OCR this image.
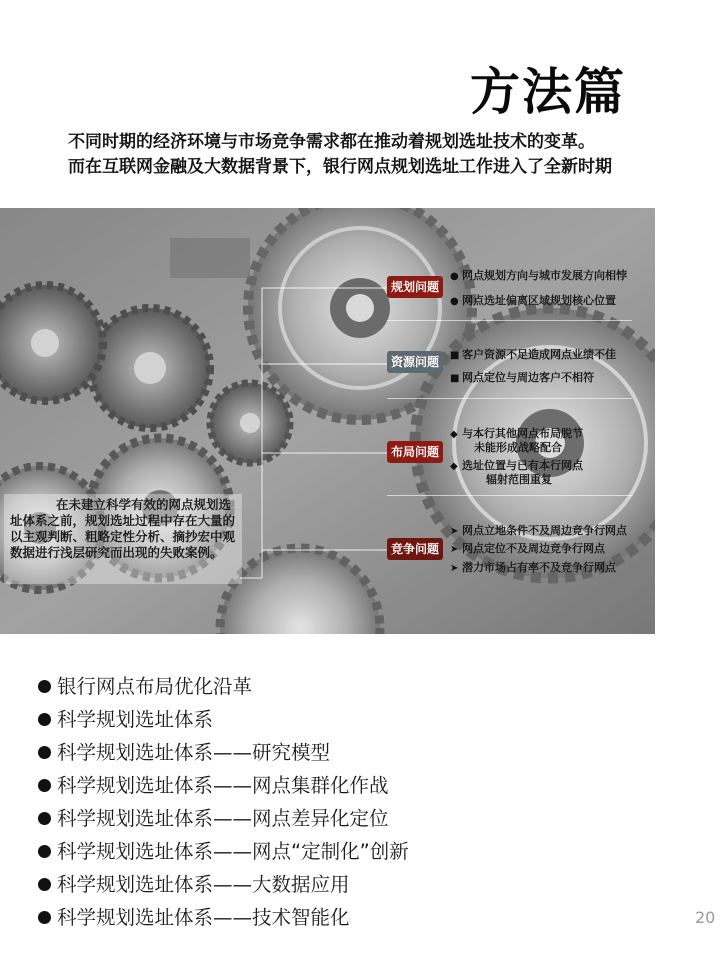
方法篇
不同时期的经济环境与市场竞争需求都在推动着规划选址技术的变革。
而在互联网金融及大数据背景下，银行网点规划选址工作进入了全新时期
在未建立科学有效的网点规划选址体系之前，规划选址过程中存在大量的以主观判断、粗略定性分析、摘抄宏中观数据进行浅层研究而出现的失败案例。
规划问题
● 网点规划方向与城市发展方向相悖
● 网点选址偏离区域规划核心位置
资源问题	■ 客户资源不足造成网点业绩不佳
■ 网点定位与周边客户不相符
布局问题
◆ 与本行其他网点布局脱节
未能形成战略配合
◆ 选址位置与已有本行网点
辐射范围重复
竞争问题
➤ 网点立地条件不及周边竞争行网点
➤ 网点定位不及周边竞争行网点
➤ 潜力市场占有率不及竞争行网点
银行网点布局优化沿革
科学规划选址体系
科学规划选址体系——研究模型
科学规划选址体系——网点集群化作战
科学规划选址体系——网点差异化定位
科学规划选址体系——网点“定制化”创新
科学规划选址体系——大数据应用
科学规划选址体系——技术智能化	20
